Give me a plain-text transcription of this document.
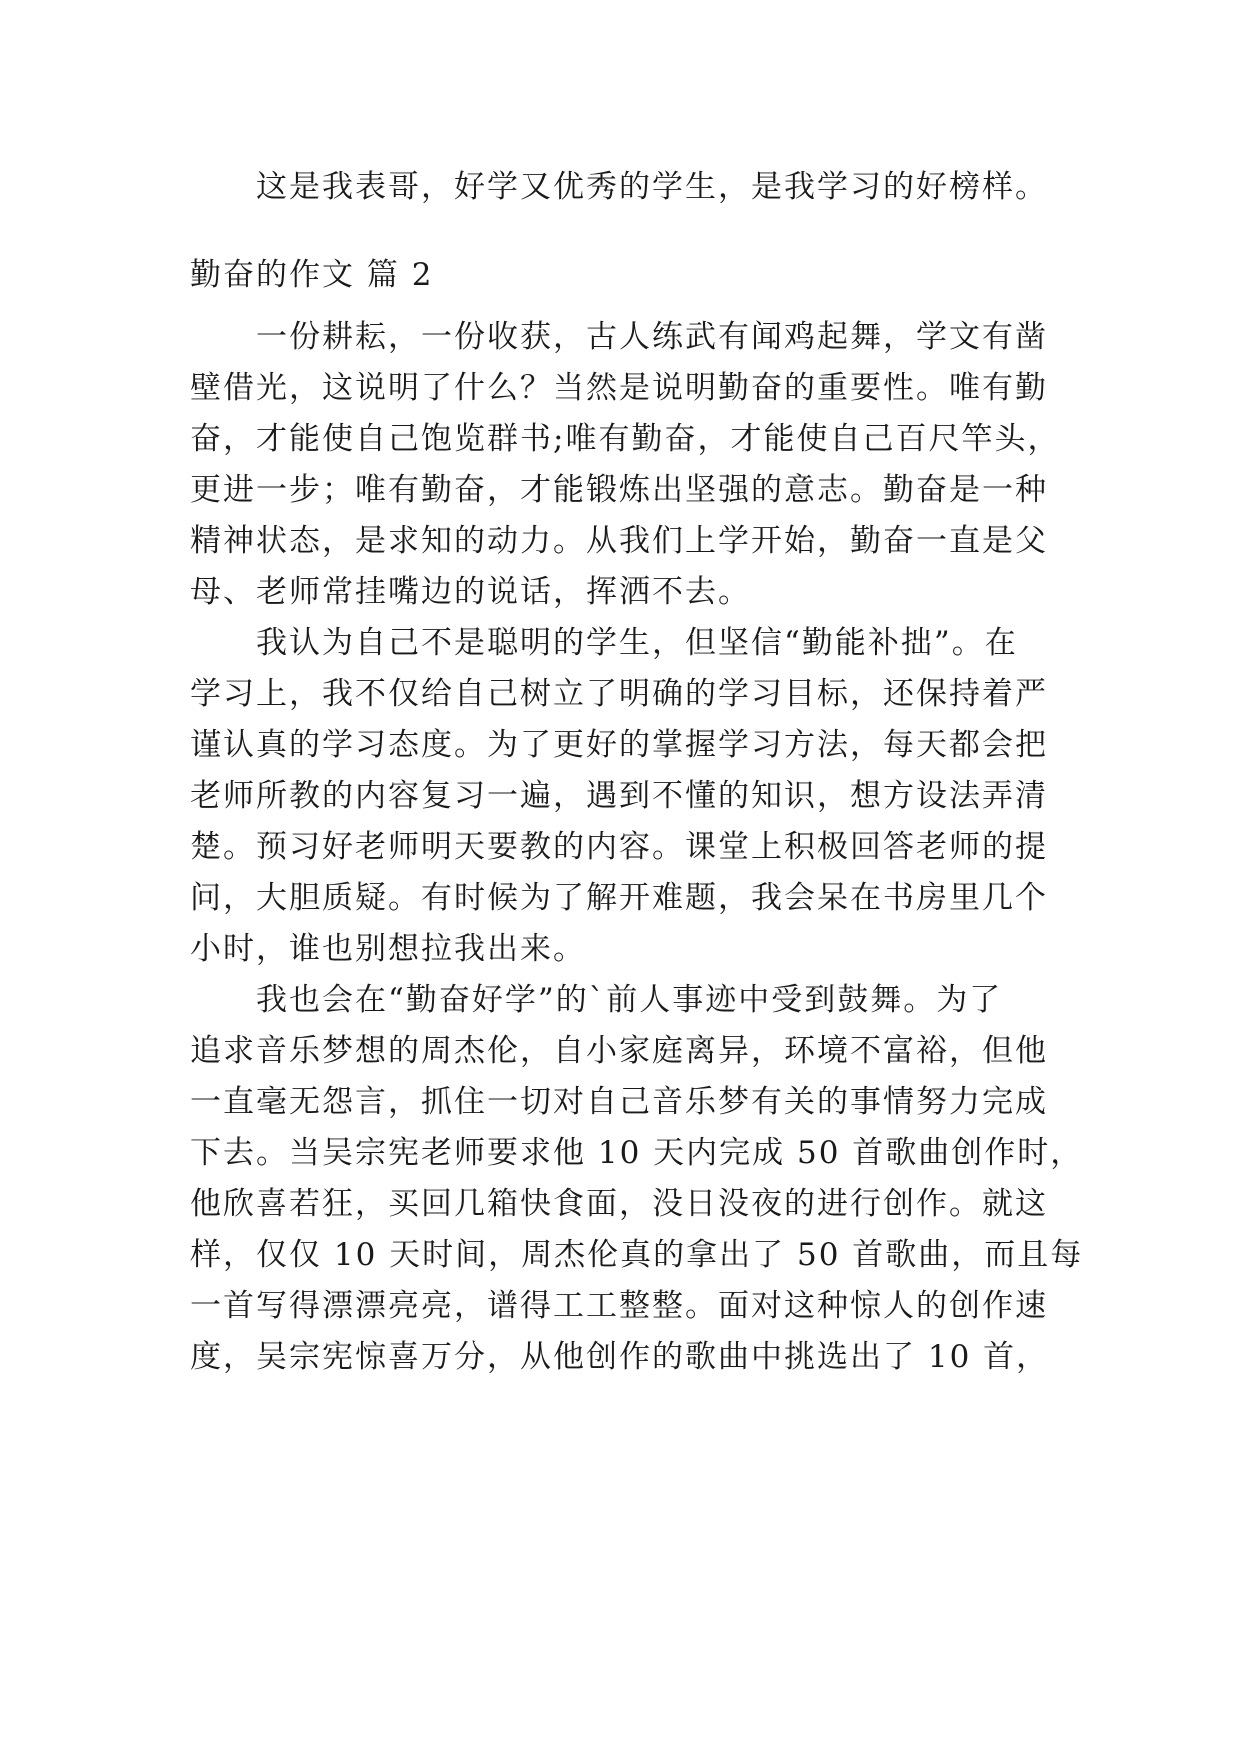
这是我表哥，好学又优秀的学生，是我学习的好榜样。
勤奋的作文 篇 2
一份耕耘，一份收获，古人练武有闻鸡起舞，学文有凿
壁借光，这说明了什么？当然是说明勤奋的重要性。唯有勤
奋，才能使自己饱览群书;唯有勤奋，才能使自己百尺竿头，
更进一步；唯有勤奋，才能锻炼出坚强的意志。勤奋是一种
精神状态，是求知的动力。从我们上学开始，勤奋一直是父
母、老师常挂嘴边的说话，挥洒不去。
我认为自己不是聪明的学生，但坚信“勤能补拙”。在
学习上，我不仅给自己树立了明确的学习目标，还保持着严
谨认真的学习态度。为了更好的掌握学习方法，每天都会把
老师所教的内容复习一遍，遇到不懂的知识，想方设法弄清
楚。预习好老师明天要教的内容。课堂上积极回答老师的提
问，大胆质疑。有时候为了解开难题，我会呆在书房里几个
小时，谁也别想拉我出来。
我也会在“勤奋好学”的`前人事迹中受到鼓舞。为了
追求音乐梦想的周杰伦，自小家庭离异，环境不富裕，但他
一直毫无怨言，抓住一切对自己音乐梦有关的事情努力完成
下去。当吴宗宪老师要求他 10 天内完成 50 首歌曲创作时，
他欣喜若狂，买回几箱快食面，没日没夜的进行创作。就这
样，仅仅 10 天时间，周杰伦真的拿出了 50 首歌曲，而且每
一首写得漂漂亮亮，谱得工工整整。面对这种惊人的创作速
度，吴宗宪惊喜万分，从他创作的歌曲中挑选出了 10 首，
